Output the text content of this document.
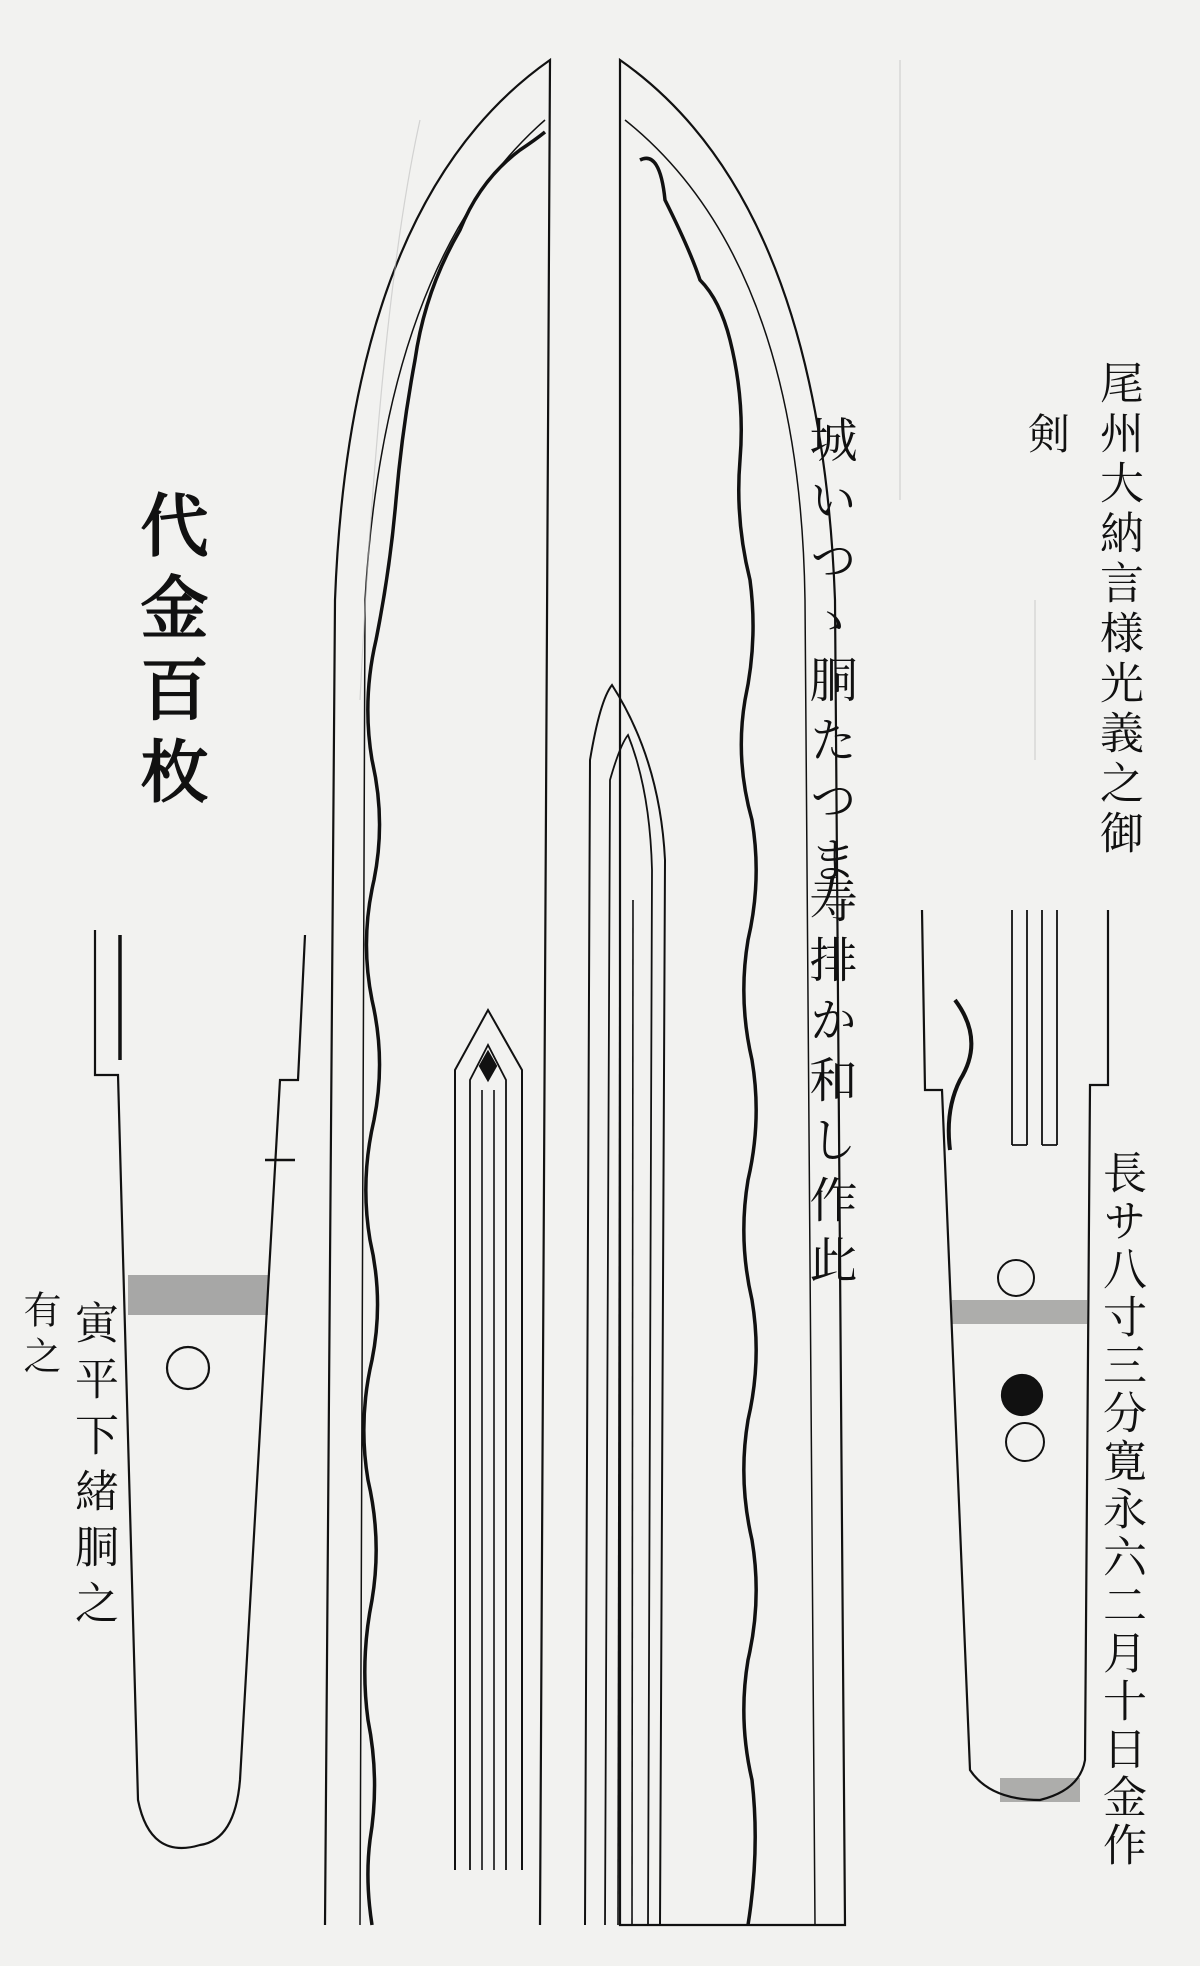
代金百枚	尾州大納言様光義之御
剣
城いつゝ胴たつま
寿排か和し作此
寅平下緒胴之
有之	長サ八寸三分寛永六二月十日金作
